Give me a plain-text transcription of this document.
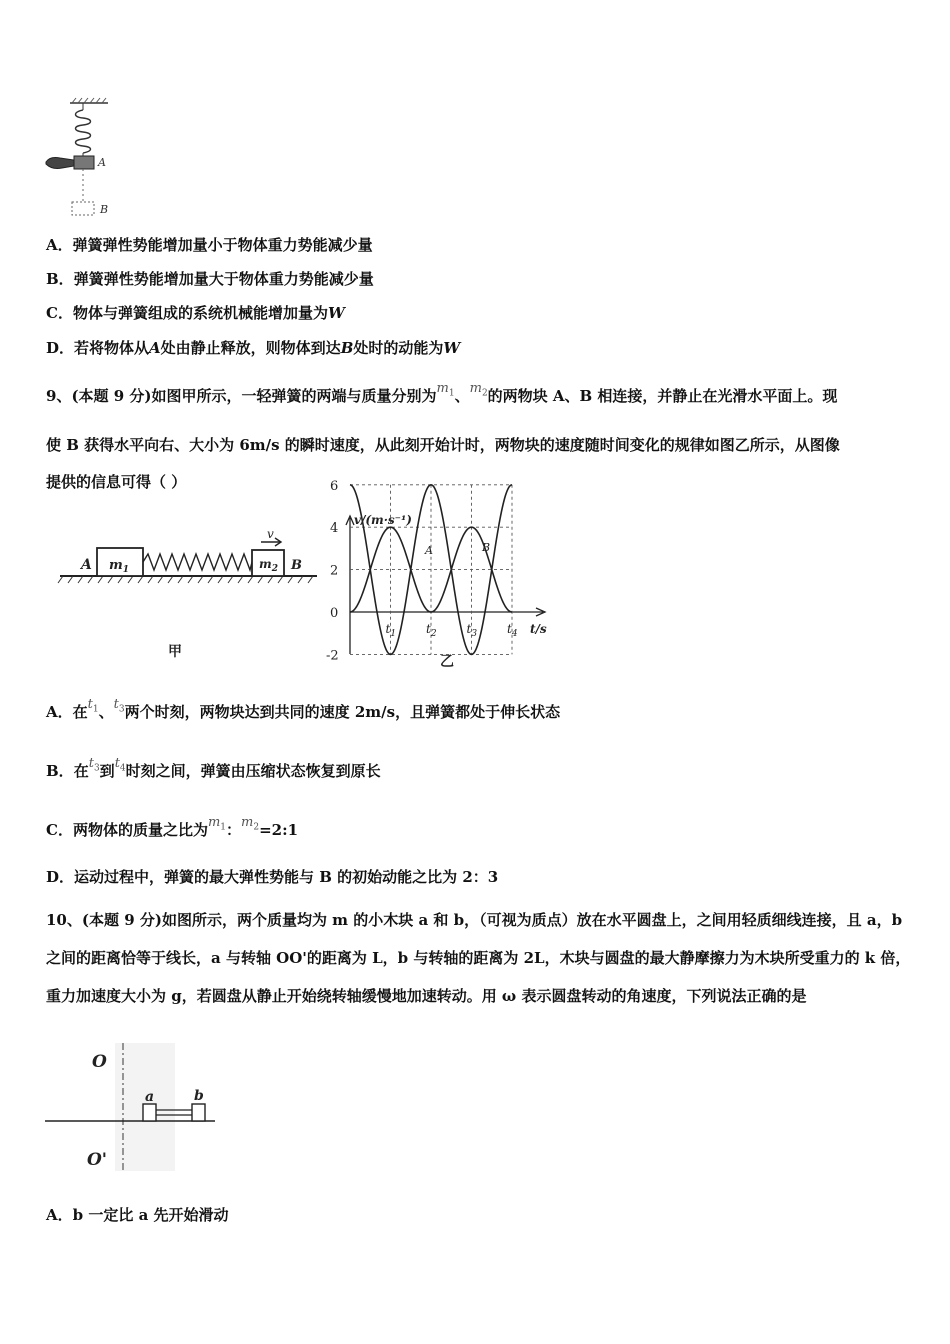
A
B
A．弹簧弹性势能增加量小于物体重力势能减少量
B．弹簧弹性势能增加量大于物体重力势能减少量
C．物体与弹簧组成的系统机械能增加量为W
D．若将物体从A处由静止释放，则物体到达B处时的动能为W
9、(本题 9 分)如图甲所示，一轻弹簧的两端与质量分别为$m_1$、$m_2$的两物块 A、B 相连接，并静止在光滑水平面上。现
使 B 获得水平向右、大小为 6m/s 的瞬时速度，从此刻开始计时，两物块的速度随时间变化的规律如图乙所示，从图像
提供的信息可得（ ）
A $m_1$	$m_2$ B
v
甲
v/(m·s⁻¹)
t/s
6
4
2
0
-2
$t_1$ $t_2$ $t_3$ $t_4$
A	B
乙
A．在$t_1$、$t_3$两个时刻，两物块达到共同的速度 2m/s，且弹簧都处于伸长状态
B．在$t_3$到$t_4$时刻之间，弹簧由压缩状态恢复到原长
C．两物体的质量之比为$m_1$：$m_2=2:1$
D．运动过程中，弹簧的最大弹性势能与 B 的初始动能之比为 2：3
10、(本题 9 分)如图所示，两个质量均为 m 的小木块 a 和 b，（可视为质点）放在水平圆盘上，之间用轻质细线连接，且 a，b 之间的距离恰等于线长，a 与转轴 OO'的距离为 L，b 与转轴的距离为 2L，木块与圆盘的最大静摩擦力为木块所受重力的 k 倍，重力加速度大小为 g，若圆盘从静止开始绕转轴缓慢地加速转动。用 ω 表示圆盘转动的角速度，下列说法正确的是
O
O'
a	b
A．b 一定比 a 先开始滑动
